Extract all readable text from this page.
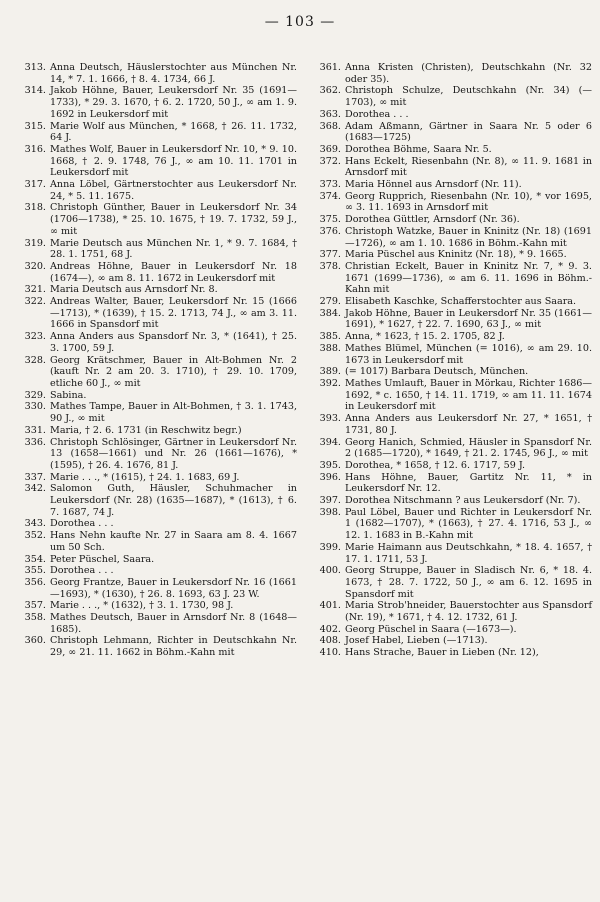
— 103 —
313. Anna Deutsch, Häuslerstochter aus München Nr. 14, * 7. 1. 1666, † 8. 4. 1734, 66 J.
314. Jakob Höhne, Bauer, Leukersdorf Nr. 35 (1691—1733), * 29. 3. 1670, † 6. 2. 1720, 50 J., ∞ am 1. 9. 1692 in Leukersdorf mit
315. Marie Wolf aus München, * 1668, † 26. 11. 1732, 64 J.
316. Mathes Wolf, Bauer in Leukersdorf Nr. 10, * 9. 10. 1668, † 2. 9. 1748, 76 J., ∞ am 10. 11. 1701 in Leukersdorf mit
317. Anna Löbel, Gärtnerstochter aus Leukersdorf Nr. 24, * 5. 11. 1675.
318. Christoph Günther, Bauer in Leukersdorf Nr. 34 (1706—1738), * 25. 10. 1675, † 19. 7. 1732, 59 J., ∞ mit
319. Marie Deutsch aus München Nr. 1, * 9. 7. 1684, † 28. 1. 1751, 68 J.
320. Andreas Höhne, Bauer in Leukersdorf Nr. 18 (1674—), ∞ am 8. 11. 1672 in Leukersdorf mit
321. Maria Deutsch aus Arnsdorf Nr. 8.
322. Andreas Walter, Bauer, Leukersdorf Nr. 15 (1666—1713), * (1639), † 15. 2. 1713, 74 J., ∞ am 3. 11. 1666 in Spansdorf mit
323. Anna Anders aus Spansdorf Nr. 3, * (1641), † 25. 3. 1700, 59 J.
328. Georg Krätschmer, Bauer in Alt-Bohmen Nr. 2 (kauft Nr. 2 am 20. 3. 1710), † 29. 10. 1709, etliche 60 J., ∞ mit
329. Sabina.
330. Mathes Tampe, Bauer in Alt-Bohmen, † 3. 1. 1743, 90 J., ∞ mit
331. Maria, † 2. 6. 1731 (in Reschwitz begr.)
336. Christoph Schlösinger, Gärtner in Leukersdorf Nr. 13 (1658—1661) und Nr. 26 (1661—1676), * (1595), † 26. 4. 1676, 81 J.
337. Marie . . ., * (1615), † 24. 1. 1683, 69 J.
342. Salomon Guth, Häusler, Schuhmacher in Leukersdorf (Nr. 28) (1635—1687), * (1613), † 6. 7. 1687, 74 J.
343. Dorothea . . .
352. Hans Nehn kaufte Nr. 27 in Saara am 8. 4. 1667 um 50 Sch.
354. Peter Püschel, Saara.
355. Dorothea . . .
356. Georg Frantze, Bauer in Leukersdorf Nr. 16 (1661—1693), * (1630), † 26. 8. 1693, 63 J. 23 W.
357. Marie . . ., * (1632), † 3. 1. 1730, 98 J.
358. Mathes Deutsch, Bauer in Arnsdorf Nr. 8 (1648—1685).
360. Christoph Lehmann, Richter in Deutschkahn Nr. 29, ∞ 21. 11. 1662 in Böhm.-Kahn mit
361. Anna Kristen (Christen), Deutschkahn (Nr. 32 oder 35).
362. Christoph Schulze, Deutschkahn (Nr. 34) (—1703), ∞ mit
363. Dorothea . . .
368. Adam Aßmann, Gärtner in Saara Nr. 5 oder 6 (1683—1725)
369. Dorothea Böhme, Saara Nr. 5.
372. Hans Eckelt, Riesenbahn (Nr. 8), ∞ 11. 9. 1681 in Arnsdorf mit
373. Maria Hönnel aus Arnsdorf (Nr. 11).
374. Georg Rupprich, Riesenbahn (Nr. 10), * vor 1695, ∞ 3. 11. 1693 in Arnsdorf mit
375. Dorothea Güttler, Arnsdorf (Nr. 36).
376. Christoph Watzke, Bauer in Kninitz (Nr. 18) (1691—1726), ∞ am 1. 10. 1686 in Böhm.-Kahn mit
377. Maria Püschel aus Kninitz (Nr. 18), * 9. 1665.
378. Christian Eckelt, Bauer in Kninitz Nr. 7, * 9. 3. 1671 (1699—1736), ∞ am 6. 11. 1696 in Böhm.-Kahn mit
279. Elisabeth Kaschke, Schafferstochter aus Saara.
384. Jakob Höhne, Bauer in Leukersdorf Nr. 35 (1661—1691), * 1627, † 22. 7. 1690, 63 J., ∞ mit
385. Anna, * 1623, † 15. 2. 1705, 82 J.
388. Mathes Blümel, München (= 1016), ∞ am 29. 10. 1673 in Leukersdorf mit
389. (= 1017) Barbara Deutsch, München.
392. Mathes Umlauft, Bauer in Mörkau, Richter 1686—1692, * c. 1650, † 14. 11. 1719, ∞ am 11. 11. 1674 in Leukersdorf mit
393. Anna Anders aus Leukersdorf Nr. 27, * 1651, † 1731, 80 J.
394. Georg Hanich, Schmied, Häusler in Spansdorf Nr. 2 (1685—1720), * 1649, † 21. 2. 1745, 96 J., ∞ mit
395. Dorothea, * 1658, † 12. 6. 1717, 59 J.
396. Hans Höhne, Bauer, Gartitz Nr. 11, * in Leukersdorf Nr. 12.
397. Dorothea Nitschmann ? aus Leukersdorf (Nr. 7).
398. Paul Löbel, Bauer und Richter in Leukersdorf Nr. 1 (1682—1707), * (1663), † 27. 4. 1716, 53 J., ∞ 12. 1. 1683 in B.-Kahn mit
399. Marie Haimann aus Deutschkahn, * 18. 4. 1657, † 17. 1. 1711, 53 J.
400. Georg Struppe, Bauer in Sladisch Nr. 6, * 18. 4. 1673, † 28. 7. 1722, 50 J., ∞ am 6. 12. 1695 in Spansdorf mit
401. Maria Strob'hneider, Bauerstochter aus Spansdorf (Nr. 19), * 1671, † 4. 12. 1732, 61 J.
402. Georg Püschel in Saara (—1673—).
408. Josef Habel, Lieben (—1713).
410. Hans Strache, Bauer in Lieben (Nr. 12),
